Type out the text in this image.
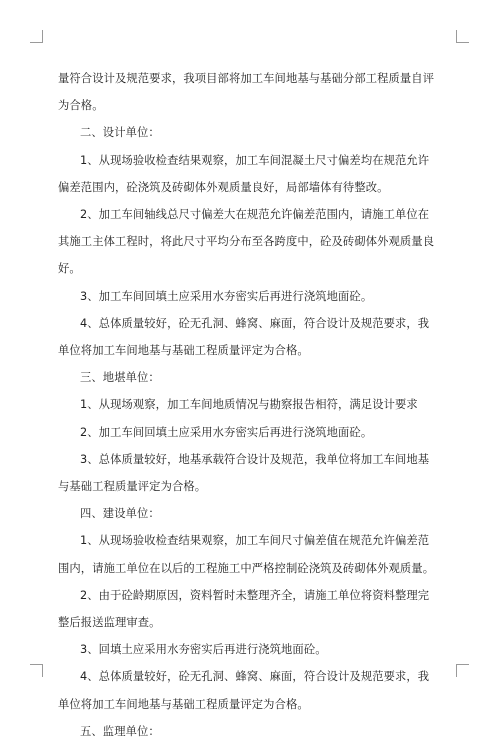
量符合设计及规范要求，我项目部将加工车间地基与基础分部工程质量自评为合格。

二、设计单位：

1、从现场验收检查结果观察，加工车间混凝土尺寸偏差均在规范允许偏差范围内，砼浇筑及砖砌体外观质量良好，局部墙体有待整改。

2、加工车间轴线总尺寸偏差大在规范允许偏差范围内，请施工单位在其施工主体工程时，将此尺寸平均分布至各跨度中，砼及砖砌体外观质量良好。

3、加工车间回填土应采用水夯密实后再进行浇筑地面砼。

4、总体质量较好，砼无孔洞、蜂窝、麻面，符合设计及规范要求，我单位将加工车间地基与基础工程质量评定为合格。

三、地堪单位：

1、从现场观察，加工车间地质情况与勘察报告相符，满足设计要求

2、加工车间回填土应采用水夯密实后再进行浇筑地面砼。

3、总体质量较好，地基承载符合设计及规范，我单位将加工车间地基与基础工程质量评定为合格。

四、建设单位：

1、从现场验收检查结果观察，加工车间尺寸偏差值在规范允许偏差范围内，请施工单位在以后的工程施工中严格控制砼浇筑及砖砌体外观质量。

2、由于砼龄期原因，资料暂时未整理齐全，请施工单位将资料整理完整后报送监理审查。

3、回填土应采用水夯密实后再进行浇筑地面砼。

4、总体质量较好，砼无孔洞、蜂窝、麻面，符合设计及规范要求，我单位将加工车间地基与基础工程质量评定为合格。

五、监理单位：
